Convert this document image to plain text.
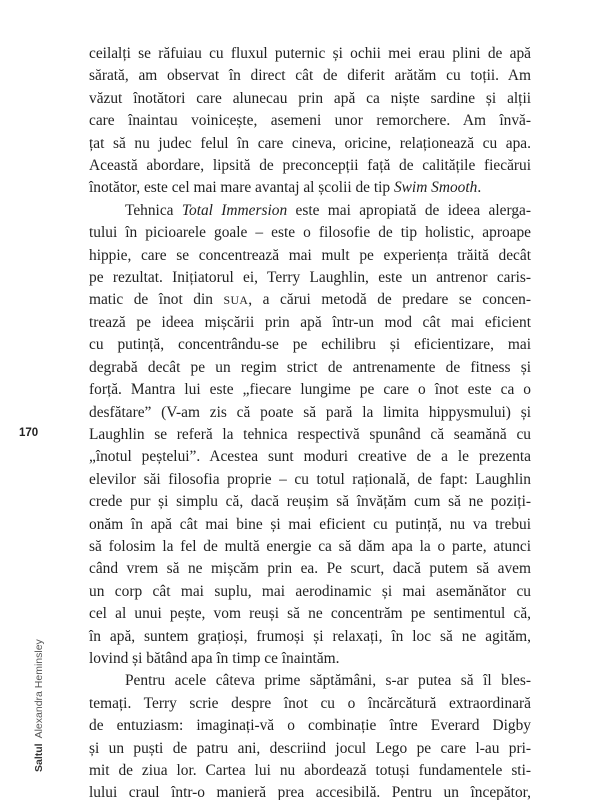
ceilalți se răfuiau cu fluxul puternic și ochii mei erau plini de apă
sărată, am observat în direct cât de diferit arătăm cu toții. Am
văzut înotători care alunecau prin apă ca niște sardine și alții
care înaintau voinicește, asemeni unor remorchere. Am învă-
țat să nu judec felul în care cineva, oricine, relaționează cu apa.
Această abordare, lipsită de preconcepții față de calitățile fiecărui
înotător, este cel mai mare avantaj al școlii de tip Swim Smooth.
Tehnica Total Immersion este mai apropiată de ideea alerga-
tului în picioarele goale – este o filosofie de tip holistic, aproape
hippie, care se concentrează mai mult pe experiența trăită decât
pe rezultat. Inițiatorul ei, Terry Laughlin, este un antrenor caris-
matic de înot din SUA, a cărui metodă de predare se concen-
trează pe ideea mișcării prin apă într-un mod cât mai eficient
cu putință, concentrându-se pe echilibru și eficientizare, mai
degrabă decât pe un regim strict de antrenamente de fitness și
forță. Mantra lui este „fiecare lungime pe care o înot este ca o
desfătare” (V-am zis că poate să pară la limita hippysmului) și
Laughlin se referă la tehnica respectivă spunând că seamănă cu
„înotul peștelui”. Acestea sunt moduri creative de a le prezenta
elevilor săi filosofia proprie – cu totul rațională, de fapt: Laughlin
crede pur și simplu că, dacă reușim să învățăm cum să ne poziți-
onăm în apă cât mai bine și mai eficient cu putință, nu va trebui
să folosim la fel de multă energie ca să dăm apa la o parte, atunci
când vrem să ne mișcăm prin ea. Pe scurt, dacă putem să avem
un corp cât mai suplu, mai aerodinamic și mai asemănător cu
cel al unui pește, vom reuși să ne concentrăm pe sentimentul că,
în apă, suntem grațioși, frumoși și relaxați, în loc să ne agităm,
lovind și bătând apa în timp ce înaintăm.
Pentru acele câteva prime săptămâni, s-ar putea să îl bles-
temați. Terry scrie despre înot cu o încărcătură extraordinară
de entuziasm: imaginați-vă o combinație între Everard Digby
și un puști de patru ani, descriind jocul Lego pe care l-au pri-
mit de ziua lor. Cartea lui nu abordează totuși fundamentele sti-
lului craul într-o manieră prea accesibilă. Pentru un începător,
170
SaltulAlexandra Heminsley
